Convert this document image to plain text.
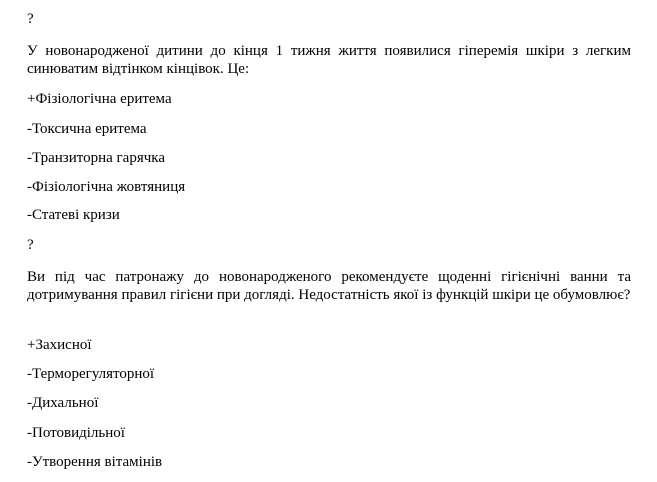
?

У новонародженої дитини до кінця 1 тижня життя появилися гіперемія шкіри з легким синюватим відтінком кінцівок. Це:

+Фізіологічна еритема

-Токсична еритема

-Транзиторна гарячка

-Фізіологічна жовтяниця

-Статеві кризи

?

Ви під час патронажу до новонародженого рекомендуєте щоденні гігієнічні ванни та дотримування правил гігієни при догляді. Недостатність якої із функцій шкіри це обумовлює?

+Захисної

-Терморегуляторної

-Дихальної

-Потовидільної

-Утворення вітамінів
